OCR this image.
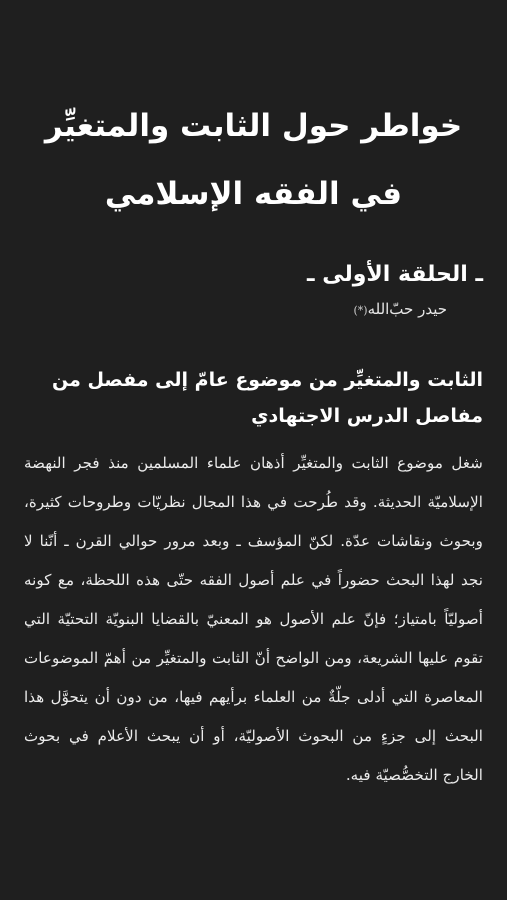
خواطر حول الثابت والمتغيِّر في الفقه الإسلامي
ـ الحلقة الأولى ـ
حيدر حبّ‌الله(*)
الثابت والمتغيِّر من موضوع عامّ إلى مفصل من مفاصل الدرس الاجتهادي

شغل موضوع الثابت والمتغيِّر أذهان علماء المسلمين منذ فجر النهضة الإسلاميّة الحديثة. وقد طُرحت في هذا المجال نظريّات وطروحات كثيرة، وبحوث ونقاشات عدّة. لكنّ المؤسف ـ وبعد مرور حوالي القرن ـ أنّنا لا نجد لهذا البحث حضوراً في علم أصول الفقه حتّى هذه اللحظة، مع كونه أصوليّاً بامتياز؛ فإنّ علم الأصول هو المعنيّ بالقضايا البنويّة التحتيّة التي تقوم عليها الشريعة، ومن الواضح أنّ الثابت والمتغيِّر من أهمّ الموضوعات المعاصرة التي أدلى جلّةٌ من العلماء برأيهم فيها، من دون أن يتحوَّل هذا البحث إلى جزءٍ من البحوث الأصوليّة، أو أن يبحث الأعلام في بحوث الخارج التخصُّصيّة فيه.
